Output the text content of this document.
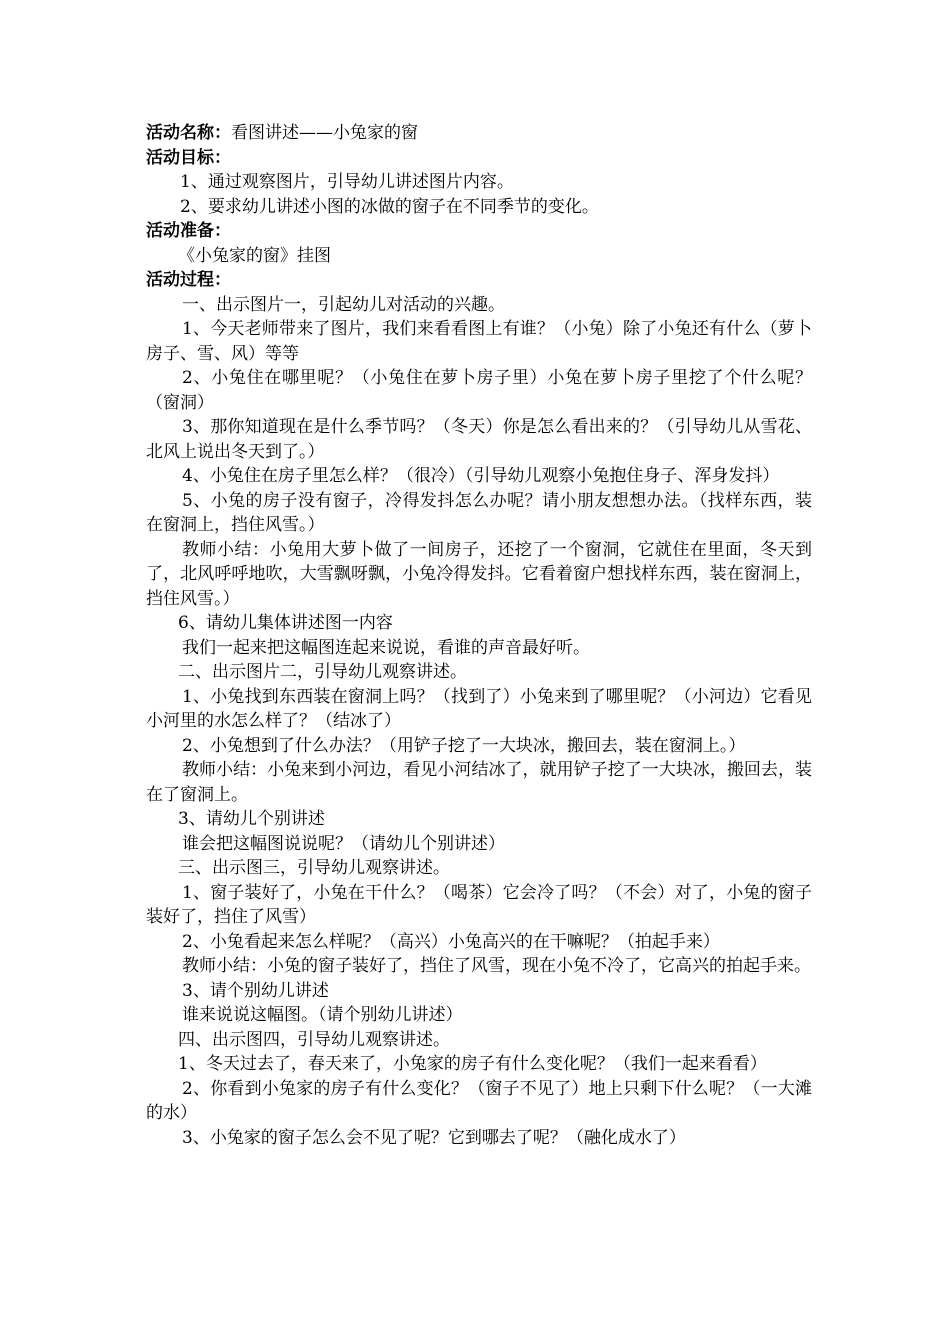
活动名称：看图讲述——小兔家的窗

活动目标：

1、通过观察图片，引导幼儿讲述图片内容。

2、要求幼儿讲述小图的冰做的窗子在不同季节的变化。

活动准备：

《小兔家的窗》挂图

活动过程：

一、出示图片一，引起幼儿对活动的兴趣。

1、今天老师带来了图片，我们来看看图上有谁？（小兔）除了小兔还有什么（萝卜房子、雪、风）等等

2、小兔住在哪里呢？（小兔住在萝卜房子里）小兔在萝卜房子里挖了个什么呢？（窗洞）

3、那你知道现在是什么季节吗？（冬天）你是怎么看出来的？（引导幼儿从雪花、北风上说出冬天到了。）

4、小兔住在房子里怎么样？（很冷）（引导幼儿观察小兔抱住身子、浑身发抖）

5、小兔的房子没有窗子，冷得发抖怎么办呢？请小朋友想想办法。（找样东西，装在窗洞上，挡住风雪。）

教师小结：小兔用大萝卜做了一间房子，还挖了一个窗洞，它就住在里面，冬天到了，北风呼呼地吹，大雪飘呀飘，小兔冷得发抖。它看着窗户想找样东西，装在窗洞上，挡住风雪。）

6、请幼儿集体讲述图一内容

我们一起来把这幅图连起来说说，看谁的声音最好听。

二、出示图片二，引导幼儿观察讲述。

1、小兔找到东西装在窗洞上吗？（找到了）小兔来到了哪里呢？（小河边）它看见小河里的水怎么样了？（结冰了）

2、小兔想到了什么办法？（用铲子挖了一大块冰，搬回去，装在窗洞上。）

教师小结：小兔来到小河边，看见小河结冰了，就用铲子挖了一大块冰，搬回去，装在了窗洞上。

3、请幼儿个别讲述

谁会把这幅图说说呢？（请幼儿个别讲述）

三、出示图三，引导幼儿观察讲述。

1、窗子装好了，小兔在干什么？（喝茶）它会冷了吗？（不会）对了，小兔的窗子装好了，挡住了风雪）

2、小兔看起来怎么样呢？（高兴）小兔高兴的在干嘛呢？（拍起手来）

教师小结：小兔的窗子装好了，挡住了风雪，现在小兔不冷了，它高兴的拍起手来。

3、请个别幼儿讲述

谁来说说这幅图。（请个别幼儿讲述）

四、出示图四，引导幼儿观察讲述。

1、冬天过去了，春天来了，小兔家的房子有什么变化呢？（我们一起来看看）

2、你看到小兔家的房子有什么变化？（窗子不见了）地上只剩下什么呢？（一大滩的水）

3、小兔家的窗子怎么会不见了呢？它到哪去了呢？（融化成水了）
